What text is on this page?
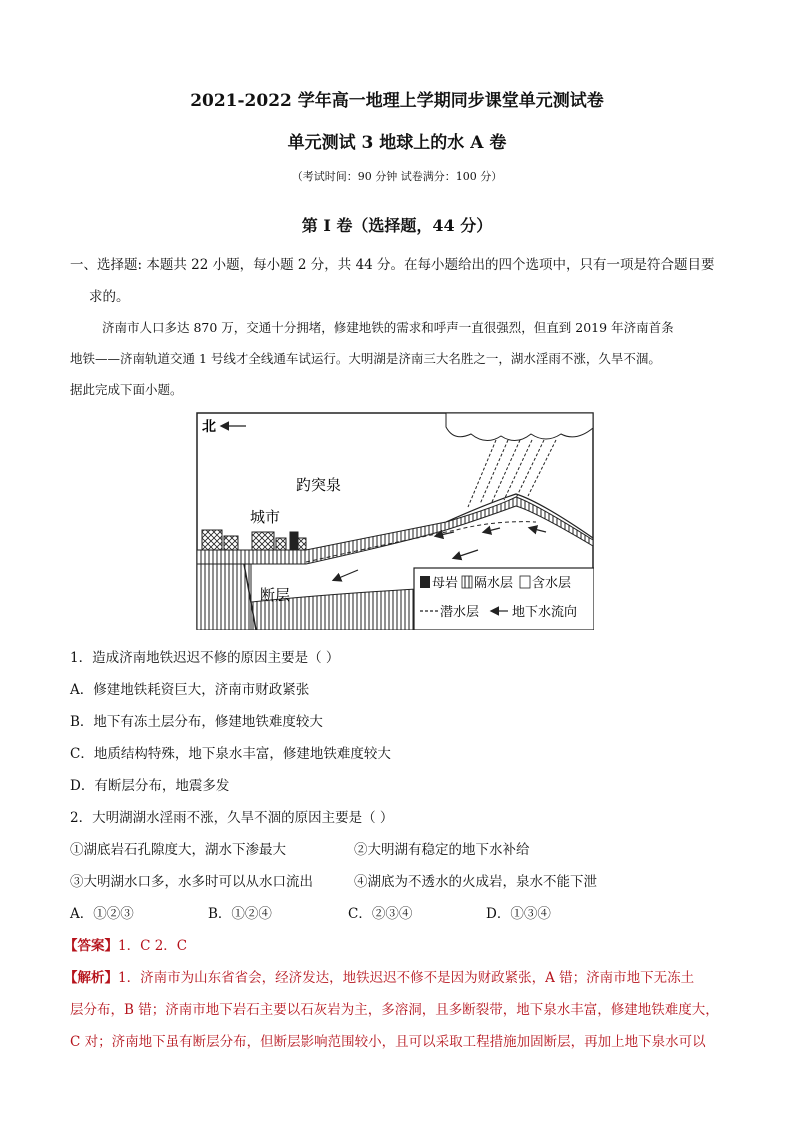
2021-2022 学年高一地理上学期同步课堂单元测试卷
单元测试 3 地球上的水 A 卷
（考试时间：90 分钟 试卷满分：100 分）
第 I 卷（选择题，44 分）
一、选择题: 本题共 22 小题，每小题 2 分，共 44 分。在每小题给出的四个选项中，只有一项是符合题目要
求的。
济南市人口多达 870 万，交通十分拥堵，修建地铁的需求和呼声一直很强烈，但直到 2019 年济南首条
地铁——济南轨道交通 1 号线才全线通车试运行。大明湖是济南三大名胜之一，湖水淫雨不涨，久旱不涸。
据此完成下面小题。
北
趵突泉
城市
断层
母岩 隔水层 含水层
潜水层	地下水流向
1．造成济南地铁迟迟不修的原因主要是（ ）
A．修建地铁耗资巨大，济南市财政紧张
B．地下有冻土层分布，修建地铁难度较大
C．地质结构特殊，地下泉水丰富，修建地铁难度较大
D．有断层分布，地震多发
2．大明湖湖水淫雨不涨，久旱不涸的原因主要是（ ）
①湖底岩石孔隙度大，湖水下渗最大	②大明湖有稳定的地下水补给
③大明湖水口多，水多时可以从水口流出	④湖底为不透水的火成岩，泉水不能下泄
A．①②③	B．①②④	C．②③④	D．①③④
【答案】1．C 2．C
【解析】1．济南市为山东省省会，经济发达，地铁迟迟不修不是因为财政紧张，A 错；济南市地下无冻土
层分布，B 错；济南市地下岩石主要以石灰岩为主，多溶洞，且多断裂带，地下泉水丰富，修建地铁难度大，
C 对；济南地下虽有断层分布，但断层影响范围较小，且可以采取工程措施加固断层，再加上地下泉水可以
